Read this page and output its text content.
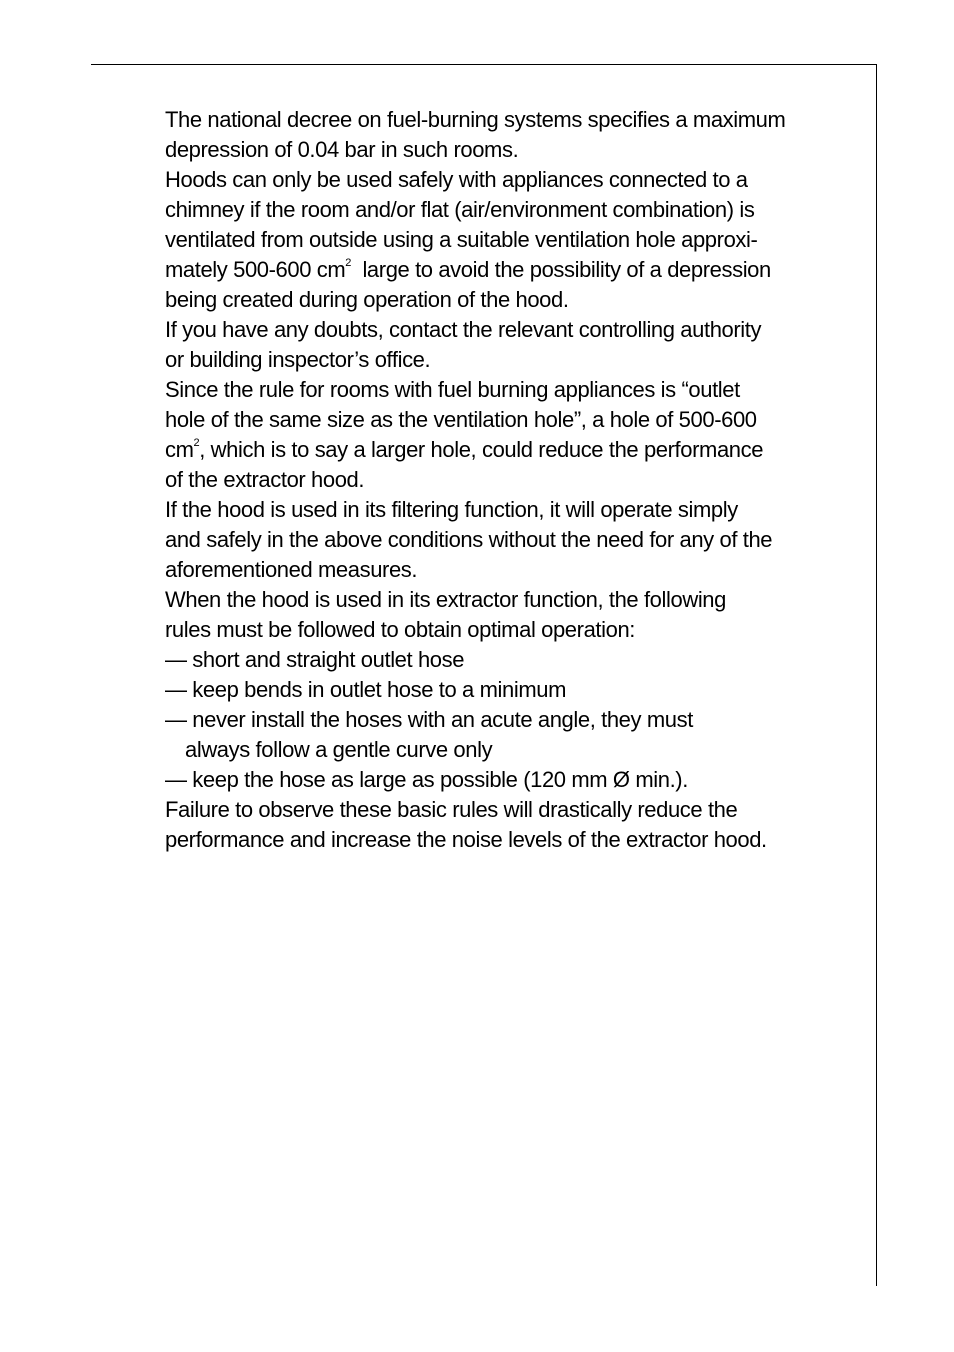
The national decree on fuel-burning systems specifies a maximum
depression of 0.04 bar in such rooms.
Hoods can only be used safely with appliances connected to a
chimney if the room and/or flat (air/environment combination) is
ventilated from outside using a suitable ventilation hole approxi-
mately 500-600 $cm^2$  large to avoid the possibility of a depression
being created during operation of the hood.
If you have any doubts, contact the relevant controlling authority
or building inspector’s office.
Since the rule for rooms with fuel burning appliances is “outlet
hole of the same size as the ventilation hole”, a hole of 500-600
$cm^2$, which is to say a larger hole, could reduce the performance
of the extractor hood.
If the hood is used in its filtering function, it will operate simply
and safely in the above conditions without the need for any of the
aforementioned measures.
When the hood is used in its extractor function, the following
rules must be followed to obtain optimal operation:
— short and straight outlet hose
— keep bends in outlet hose to a minimum
— never install the hoses with an acute angle, they must
always follow a gentle curve only
— keep the hose as large as possible (120 mm Ø min.).
Failure to observe these basic rules will drastically reduce the
performance and increase the noise levels of the extractor hood.
